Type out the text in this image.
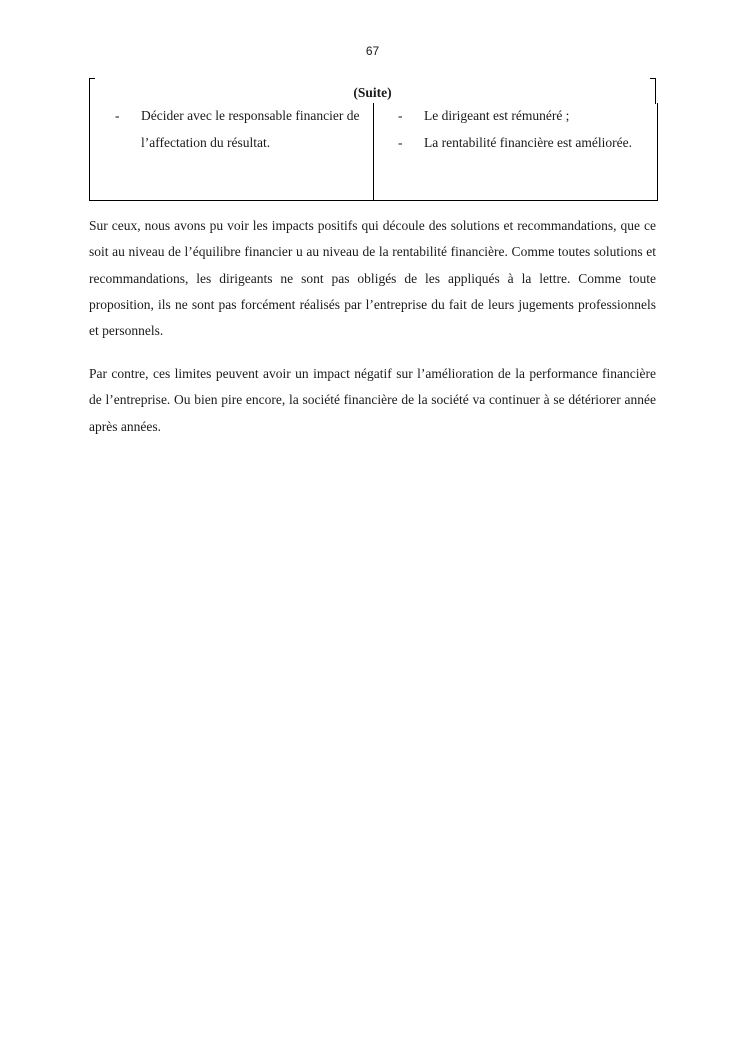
67
(Suite)
- Décider avec le responsable financier de l’affectation du résultat.
- Le dirigeant est rémunéré ;
- La rentabilité financière est améliorée.

Sur ceux, nous avons pu voir les impacts positifs qui découle des solutions et recommandations, que ce soit au niveau de l’équilibre financier u au niveau de la rentabilité financière. Comme toutes solutions et recommandations, les dirigeants ne sont pas obligés de les appliqués à la lettre. Comme toute proposition, ils ne sont pas forcément réalisés par l’entreprise du fait de leurs jugements professionnels et personnels.

Par contre, ces limites peuvent avoir un impact négatif sur l’amélioration de la performance financière de l’entreprise. Ou bien pire encore, la société financière de la société va continuer à se détériorer année après années.
